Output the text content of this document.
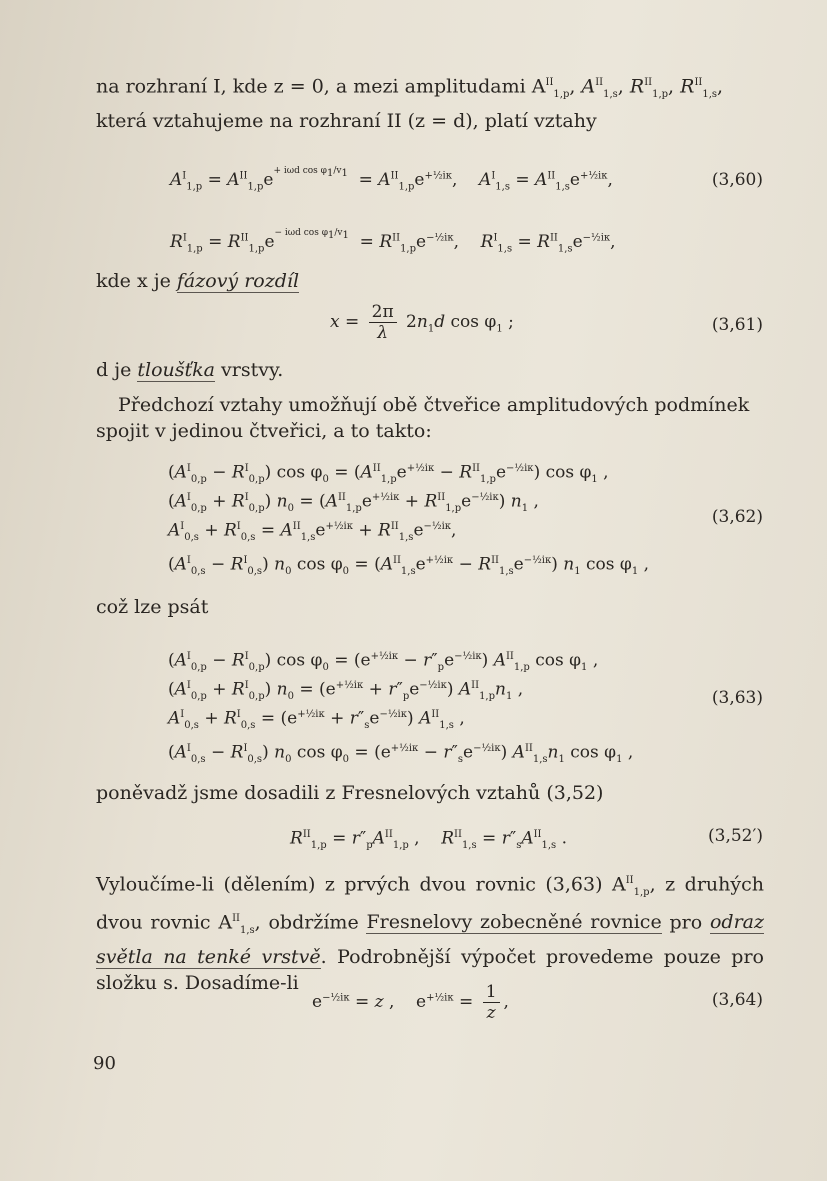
na rozhraní I, kde z = 0, a mezi amplitudami $A^{II}_{1,p}$, $A^{II}_{1,s}$, $R^{II}_{1,p}$, $R^{II}_{1,s}$,
která vztahujeme na rozhraní II (z = d), platí vztahy
$A^I_{1,p} = A^{II}_{1,p}e^{+ i\omega d cos \varphi_1/v_1} = A^{II}_{1,p}e^{+\frac{1}{2}i\kappa}$,    $A^I_{1,s} = A^{II}_{1,s}e^{+\frac{1}{2}i\kappa}$,	(3,60)
$R^I_{1,p} = R^{II}_{1,p}e^{- i\omega d cos \varphi_1/v_1} = R^{II}_{1,p}e^{-\frac{1}{2}i\kappa}$,    $R^I_{1,s} = R^{II}_{1,s}e^{-\frac{1}{2}i\kappa}$,
kde x je fázový rozdíl
$x = \frac{2\pi}{\lambda} 2n_1d$ $\cos \varphi_1$ ;	(3,61)
d je tloušťka vrstvy.
Předchozí vztahy umožňují obě čtveřice amplitudových podmínek spojit v jedinou čtveřici, a to takto:
$(A^I_{0,p} - R^I_{0,p})$ $\cos \varphi_0 = (A^{II}_{1,p}e^{+\frac{1}{2}i\kappa} - R^{II}_{1,p}e^{-\frac{1}{2}i\kappa})$ $\cos \varphi_1$ ,
$(A^I_{0,p} + R^I_{0,p}) n_0 = (A^{II}_{1,p}e^{+\frac{1}{2}i\kappa} + R^{II}_{1,p}e^{-\frac{1}{2}i\kappa})$ $n_1$ ,
$A^I_{0,s} + R^I_{0,s} = A^{II}_{1,s}e^{+\frac{1}{2}i\kappa} + R^{II}_{1,s}e^{-\frac{1}{2}i\kappa}$,
$(A^I_{0,s} - R^I_{0,s})$ $n_0$ $\cos \varphi_0 = (A^{II}_{1,s}e^{+\frac{1}{2}i\kappa} - R^{II}_{1,s}e^{-\frac{1}{2}i\kappa})$ $n_1$ $\cos \varphi_1$ ,
(3,62)
což lze psát
$(A^I_{0,p} - R^I_{0,p})$ $\cos \varphi_0 = (e^{+\frac{1}{2}i\kappa} - r''_pe^{-\frac{1}{2}i\kappa})$ $A^{II}_{1,p}$ $\cos \varphi_1$ ,
$(A^I_{0,p} + R^I_{0,p}) n_0 = (e^{+\frac{1}{2}i\kappa} + r''_pe^{-\frac{1}{2}i\kappa})$ $A^{II}_{1,p}n_1$ ,
$A^I_{0,s} + R^I_{0,s} = (e^{+\frac{1}{2}i\kappa} + r''_se^{-\frac{1}{2}i\kappa})$ $A^{II}_{1,s}$ ,
$(A^I_{0,s} - R^I_{0,s})$ $n_0$ $\cos \varphi_0 = (e^{+\frac{1}{2}i\kappa} - r''_se^{-\frac{1}{2}i\kappa})$ $A^{II}_{1,s}n_1$ $\cos \varphi_1$ ,
(3,63)
poněvadž jsme dosadili z Fresnelových vztahů (3,52)
$R^{II}_{1,p} = r''_pA^{II}_{1,p}$ ,    $R^{II}_{1,s} = r''_sA^{II}_{1,s}$ .	(3,52′)
Vyloučíme-li (dělením) z prvých dvou rovnic (3,63) $A^{II}_{1,p}$, z druhých dvou rovnic $A^{II}_{1,s}$, obdržíme Fresnelovy zobecněné rovnice pro odraz světla na tenké vrstvě. Podrobnější výpočet provedeme pouze pro složku s. Dosadíme-li
$e^{-\frac{1}{2}i\kappa} = z$ ,    $e^{+\frac{1}{2}i\kappa} = \frac{1}{z}$ ,	(3,64)
90
